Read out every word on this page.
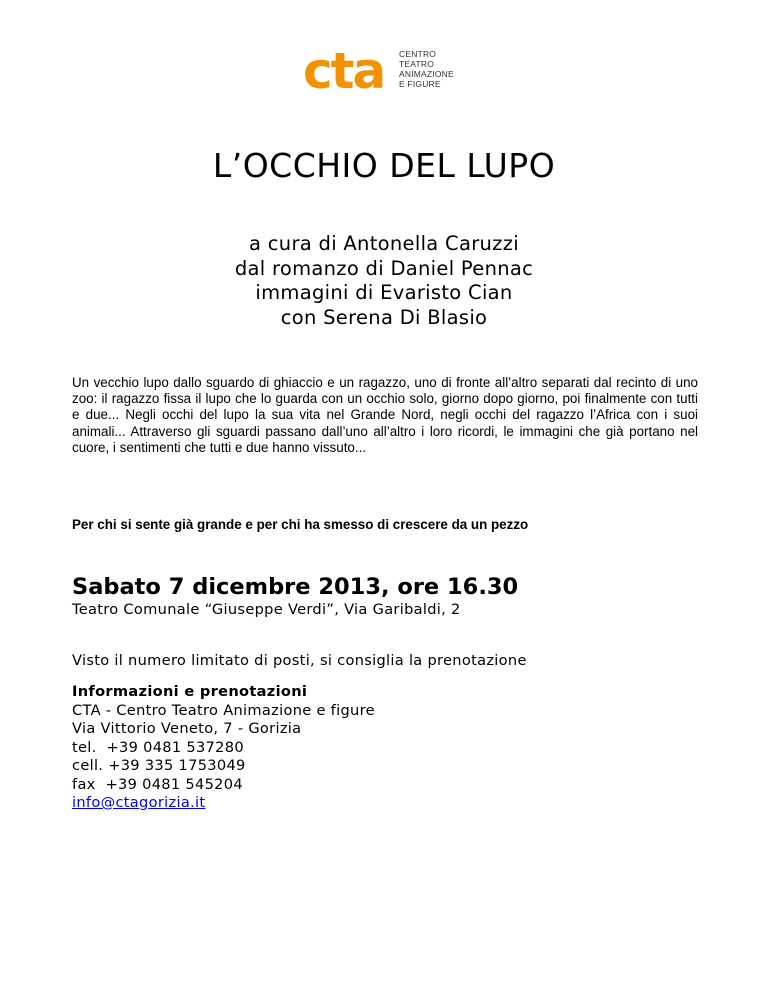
cta CENTRO TEATRO
ANIMAZIONE
E FIGURE
L’OCCHIO DEL LUPO
a cura di Antonella Caruzzi
dal romanzo di Daniel Pennac
immagini di Evaristo Cian
con Serena Di Blasio

Un vecchio lupo dallo sguardo di ghiaccio e un ragazzo, uno di fronte all’altro separati dal recinto di uno zoo: il ragazzo fissa il lupo che lo guarda con un occhio solo, giorno dopo giorno, poi finalmente con tutti e due... Negli occhi del lupo la sua vita nel Grande Nord, negli occhi del ragazzo l’Africa con i suoi animali... Attraverso gli sguardi passano dall’uno all’altro i loro ricordi, le immagini che già portano nel cuore, i sentimenti che tutti e due hanno vissuto...

Per chi si sente già grande e per chi ha smesso di crescere da un pezzo

Sabato 7 dicembre 2013, ore 16.30

Teatro Comunale “Giuseppe Verdi”, Via Garibaldi, 2

Visto il numero limitato di posti, si consiglia la prenotazione

Informazioni e prenotazioni
CTA - Centro Teatro Animazione e figure
Via Vittorio Veneto, 7 - Gorizia
tel.  +39 0481 537280
cell. +39 335 1753049
fax  +39 0481 545204
info@ctagorizia.it
